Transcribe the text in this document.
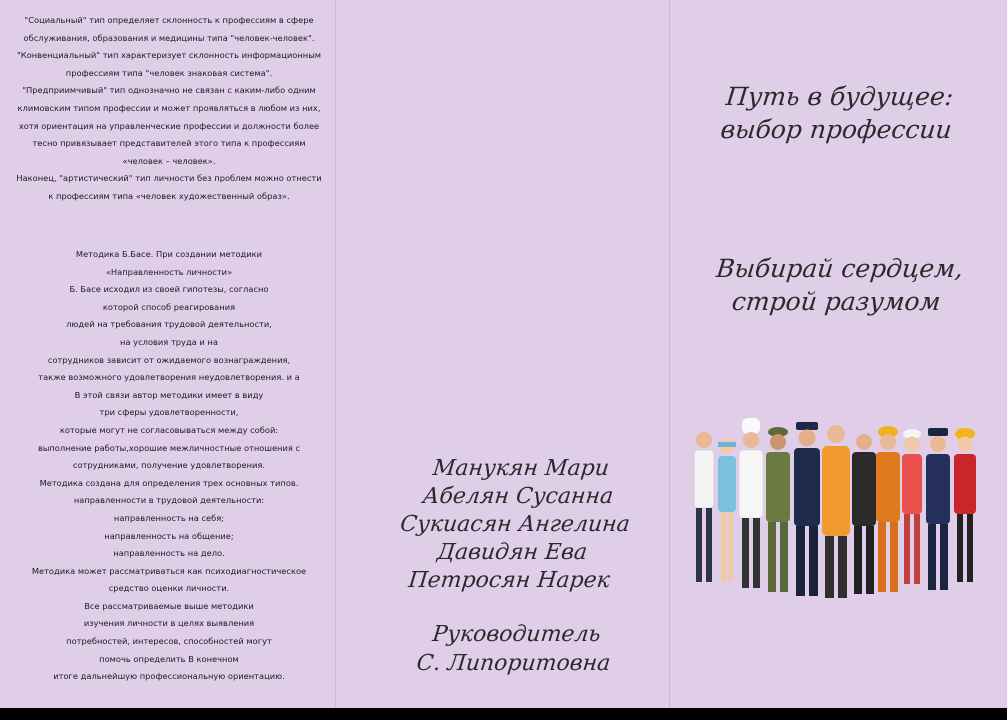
"Социальный" тип определяет склонность к профессиям в сфере
обслуживания, образования и медицины типа "человек-человек".
"Конвенциальный" тип характеризует склонность информационным
профессиям типа "человек знаковая система".
"Предприимчивый" тип однозначно не связан с каким-либо одним
климовским типом профессии и может проявляться в любом из них,
хотя ориентация на управленческие профессии и должности более
тесно привязывает представителей этого типа к профессиям
«человек – человек».
Наконец, "артистический" тип личности без проблем можно отнести
к профессиям типа «человек художественный образ».
Методика Б.Басе. При создании методики
«Направленность личности»
Б. Басе исходил из своей гипотезы, согласно
которой способ реагирования
людей на требования трудовой деятельности,
на условия труда и на
сотрудников зависит от ожидаемого вознаграждения,
также возможного удовлетворения неудовлетворения. и а
В этой связи автор методики имеет в виду
три сферы удовлетворенности,
которые могут не согласовываться между собой:
выполнение работы,хорошие межличностные отношения с
сотрудниками, получение удовлетворения.
Методика создана для определения трех основных типов.
направленности в трудовой деятельности:
направленность на себя;
направленность на общение;
направленность на дело.
Методика может рассматриваться как психодиагностическое
средство оценки личности.
Все рассматриваемые выше методики
изучения личности в целях выявления
потребностей, интересов, способностей могут
помочь определить В конечном
итоге дальнейшую профессиональную ориентацию.
Манукян Мари
Абелян Сусанна
Сукиасян Ангелина
Давидян Ева
Петросян Нарек
Руководитель
С. Липоритовна
Путь в будущее:
выбор профессии
Выбирай сердцем,
строй разумом
